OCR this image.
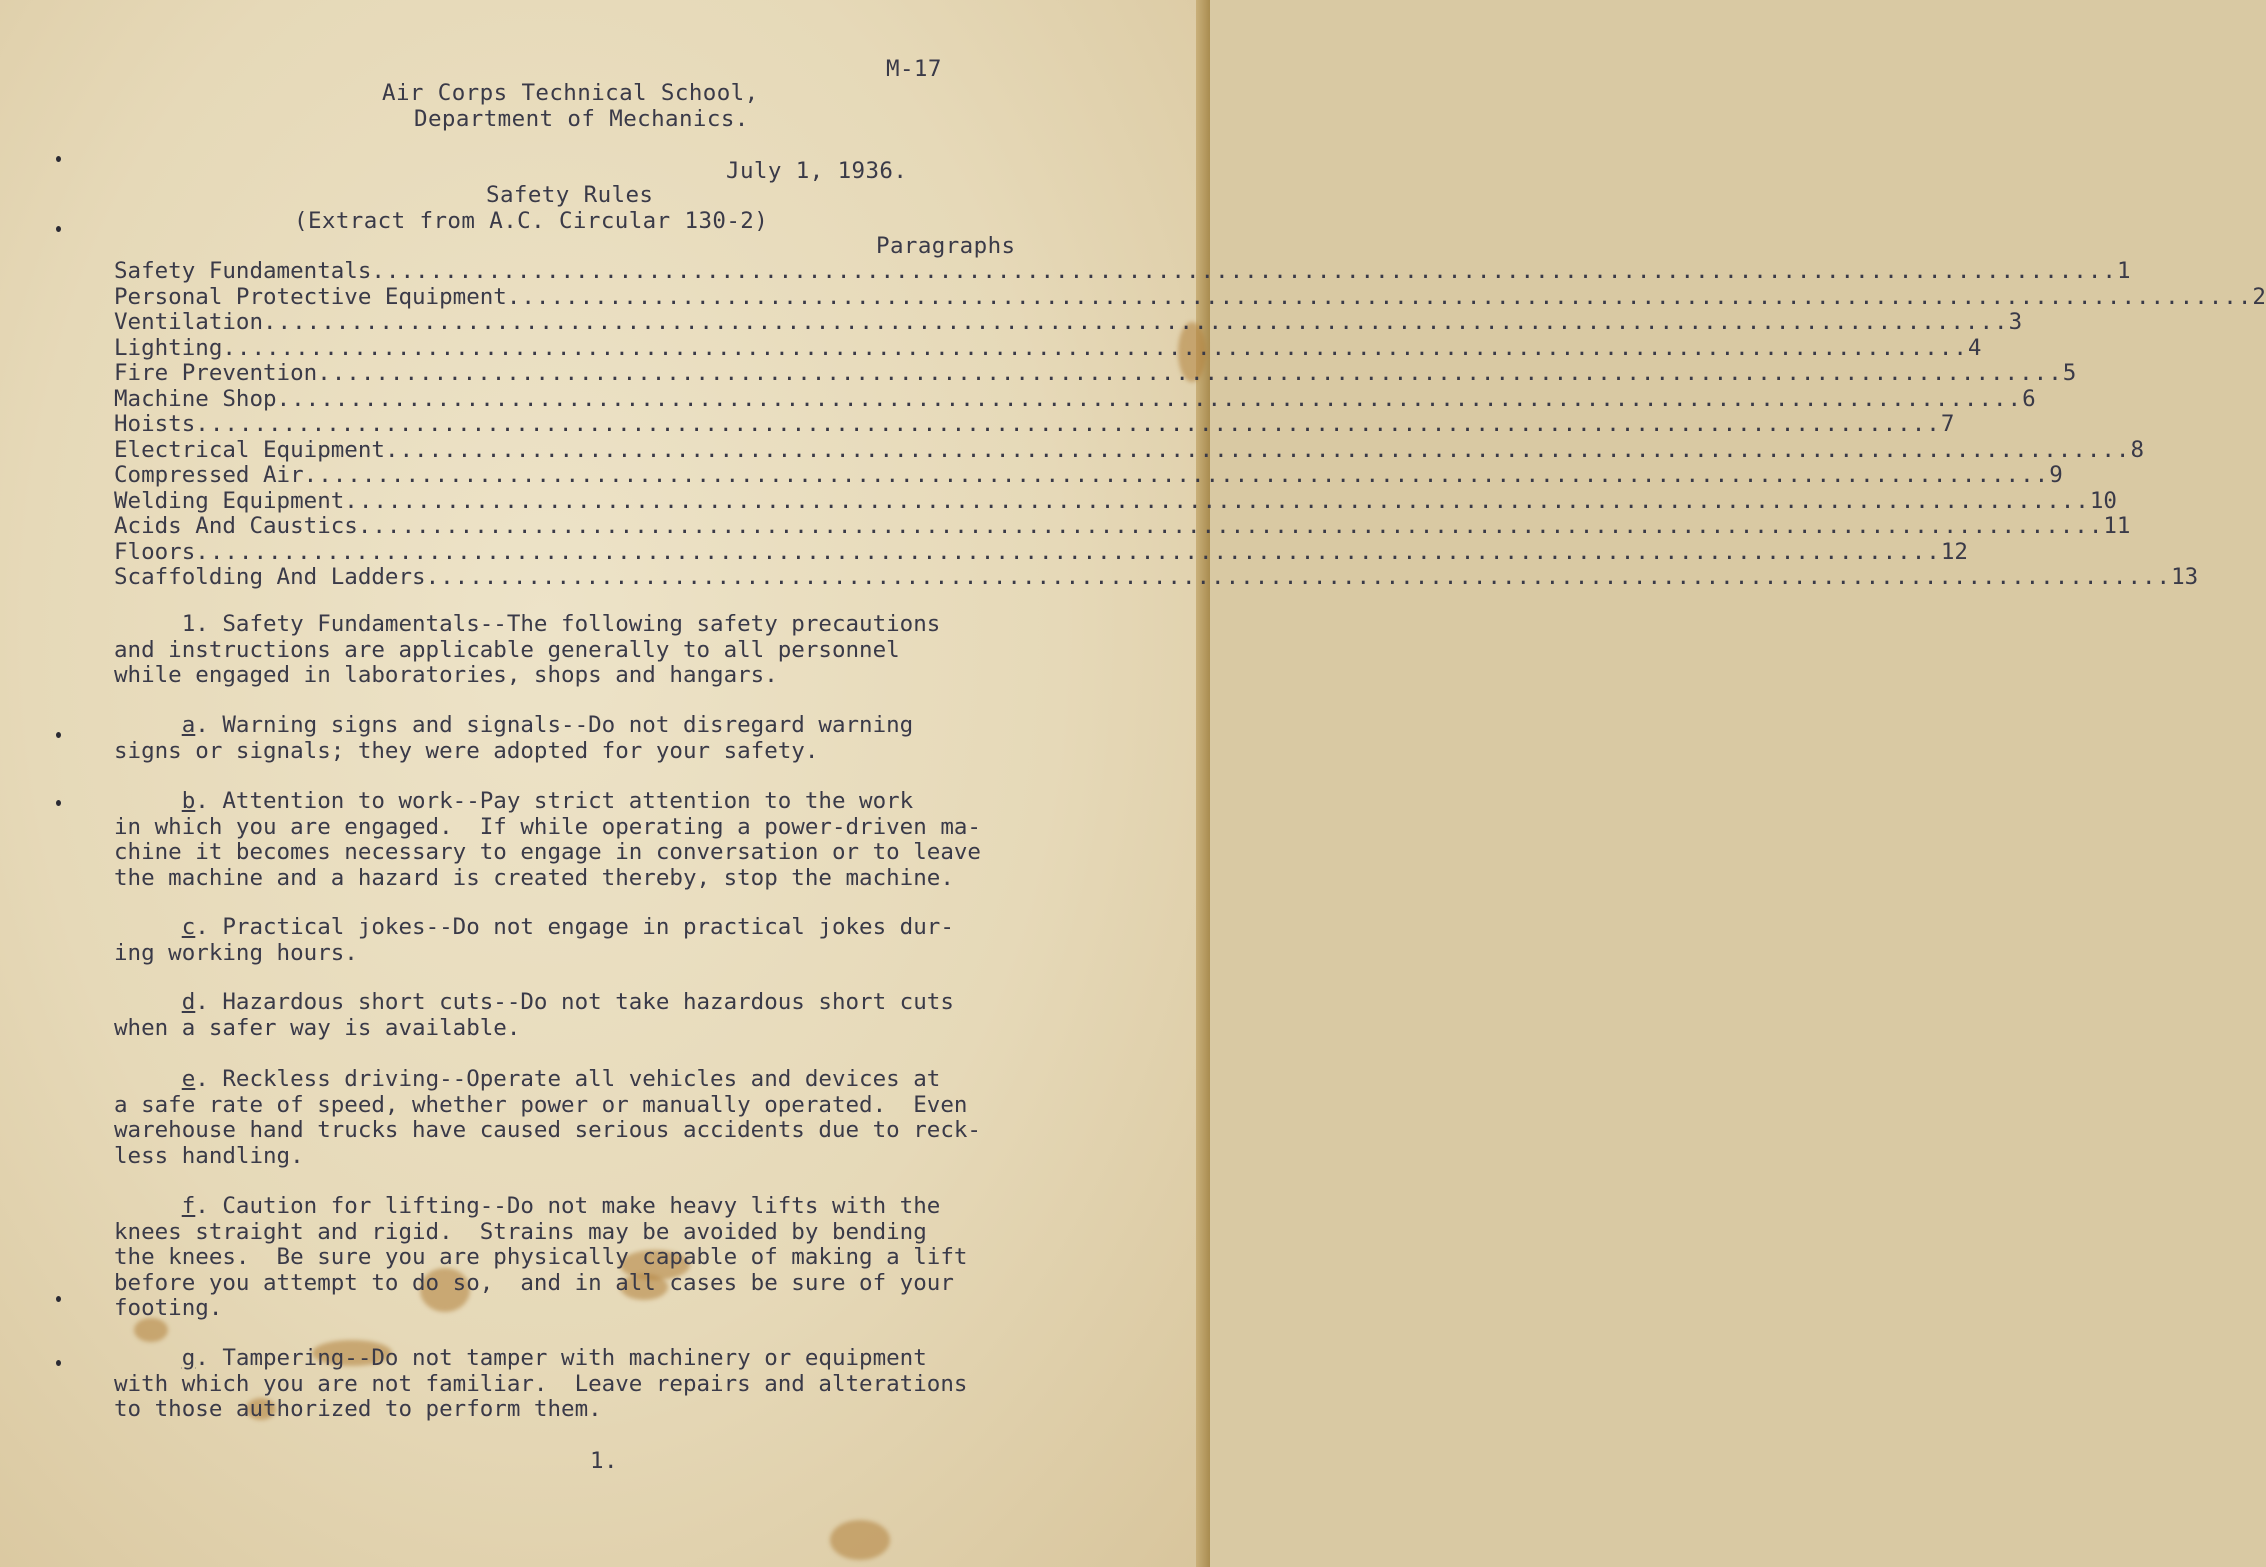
M-17
Air Corps Technical School,
Department of Mechanics.
July 1, 1936.
Safety Rules
(Extract from A.C. Circular 130-2)
Paragraphs
Safety Fundamentals ........................................................................................................................ 1
Personal Protective Equipment ........................................................................................................................ 2
Ventilation ........................................................................................................................ 3
Lighting ........................................................................................................................ 4
Fire Prevention ........................................................................................................................ 5
Machine Shop ........................................................................................................................ 6
Hoists ........................................................................................................................ 7
Electrical Equipment ........................................................................................................................ 8
Compressed Air ........................................................................................................................ 9
Welding Equipment ........................................................................................................................ 10
Acids And Caustics ........................................................................................................................ 11
Floors ........................................................................................................................ 12
Scaffolding And Ladders ........................................................................................................................ 13
1. Safety Fundamentals--The following safety precautions
and instructions are applicable generally to all personnel
while engaged in laboratories, shops and hangars.
a. Warning signs and signals--Do not disregard warning
signs or signals; they were adopted for your safety.
b. Attention to work--Pay strict attention to the work
in which you are engaged.  If while operating a power-driven ma-
chine it becomes necessary to engage in conversation or to leave
the machine and a hazard is created thereby, stop the machine.
c. Practical jokes--Do not engage in practical jokes dur-
ing working hours.
d. Hazardous short cuts--Do not take hazardous short cuts
when a safer way is available.
e. Reckless driving--Operate all vehicles and devices at
a safe rate of speed, whether power or manually operated.  Even
warehouse hand trucks have caused serious accidents due to reck-
less handling.
f. Caution for lifting--Do not make heavy lifts with the
knees straight and rigid.  Strains may be avoided by bending
the knees.  Be sure you are physically capable of making a lift
before you attempt to do so,  and in all cases be sure of your
footing.
g. Tampering--Do not tamper with machinery or equipment
with which you are not familiar.  Leave repairs and alterations
to those authorized to perform them.
1.
